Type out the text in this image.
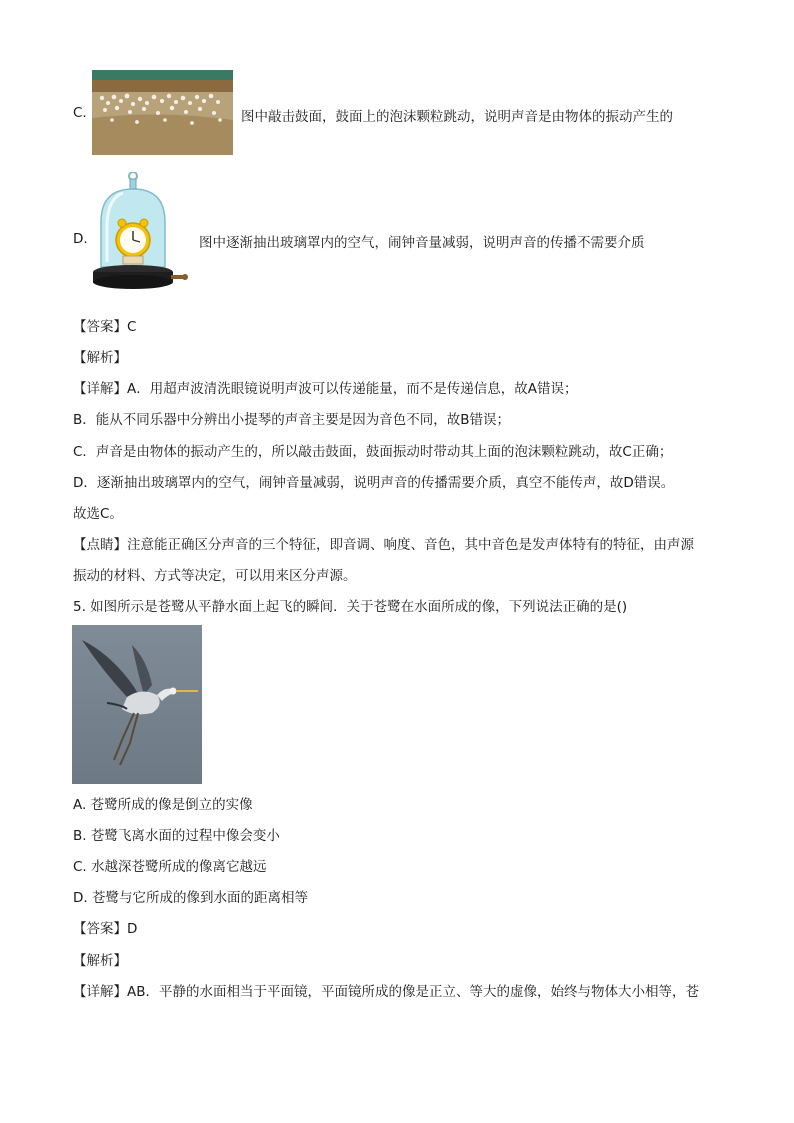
C.	图中敲击鼓面，鼓面上的泡沫颗粒跳动，说明声音是由物体的振动产生的
D.	图中逐渐抽出玻璃罩内的空气，闹钟音量减弱，说明声音的传播不需要介质
【答案】C
【解析】
【详解】A．用超声波清洗眼镜说明声波可以传递能量，而不是传递信息，故A错误；
B．能从不同乐器中分辨出小提琴的声音主要是因为音色不同，故B错误；
C．声音是由物体的振动产生的，所以敲击鼓面，鼓面振动时带动其上面的泡沫颗粒跳动，故C正确；
D．逐渐抽出玻璃罩内的空气，闹钟音量减弱，说明声音的传播需要介质，真空不能传声，故D错误。
故选C。
【点睛】注意能正确区分声音的三个特征，即音调、响度、音色，其中音色是发声体特有的特征，由声源
振动的材料、方式等决定，可以用来区分声源。
5. 如图所示是苍鹭从平静水面上起飞的瞬间．关于苍鹭在水面所成的像，下列说法正确的是()
A. 苍鹭所成的像是倒立的实像
B. 苍鹭飞离水面的过程中像会变小
C. 水越深苍鹭所成的像离它越远
D. 苍鹭与它所成的像到水面的距离相等
【答案】D
【解析】
【详解】AB．平静的水面相当于平面镜，平面镜所成的像是正立、等大的虚像，始终与物体大小相等，苍
